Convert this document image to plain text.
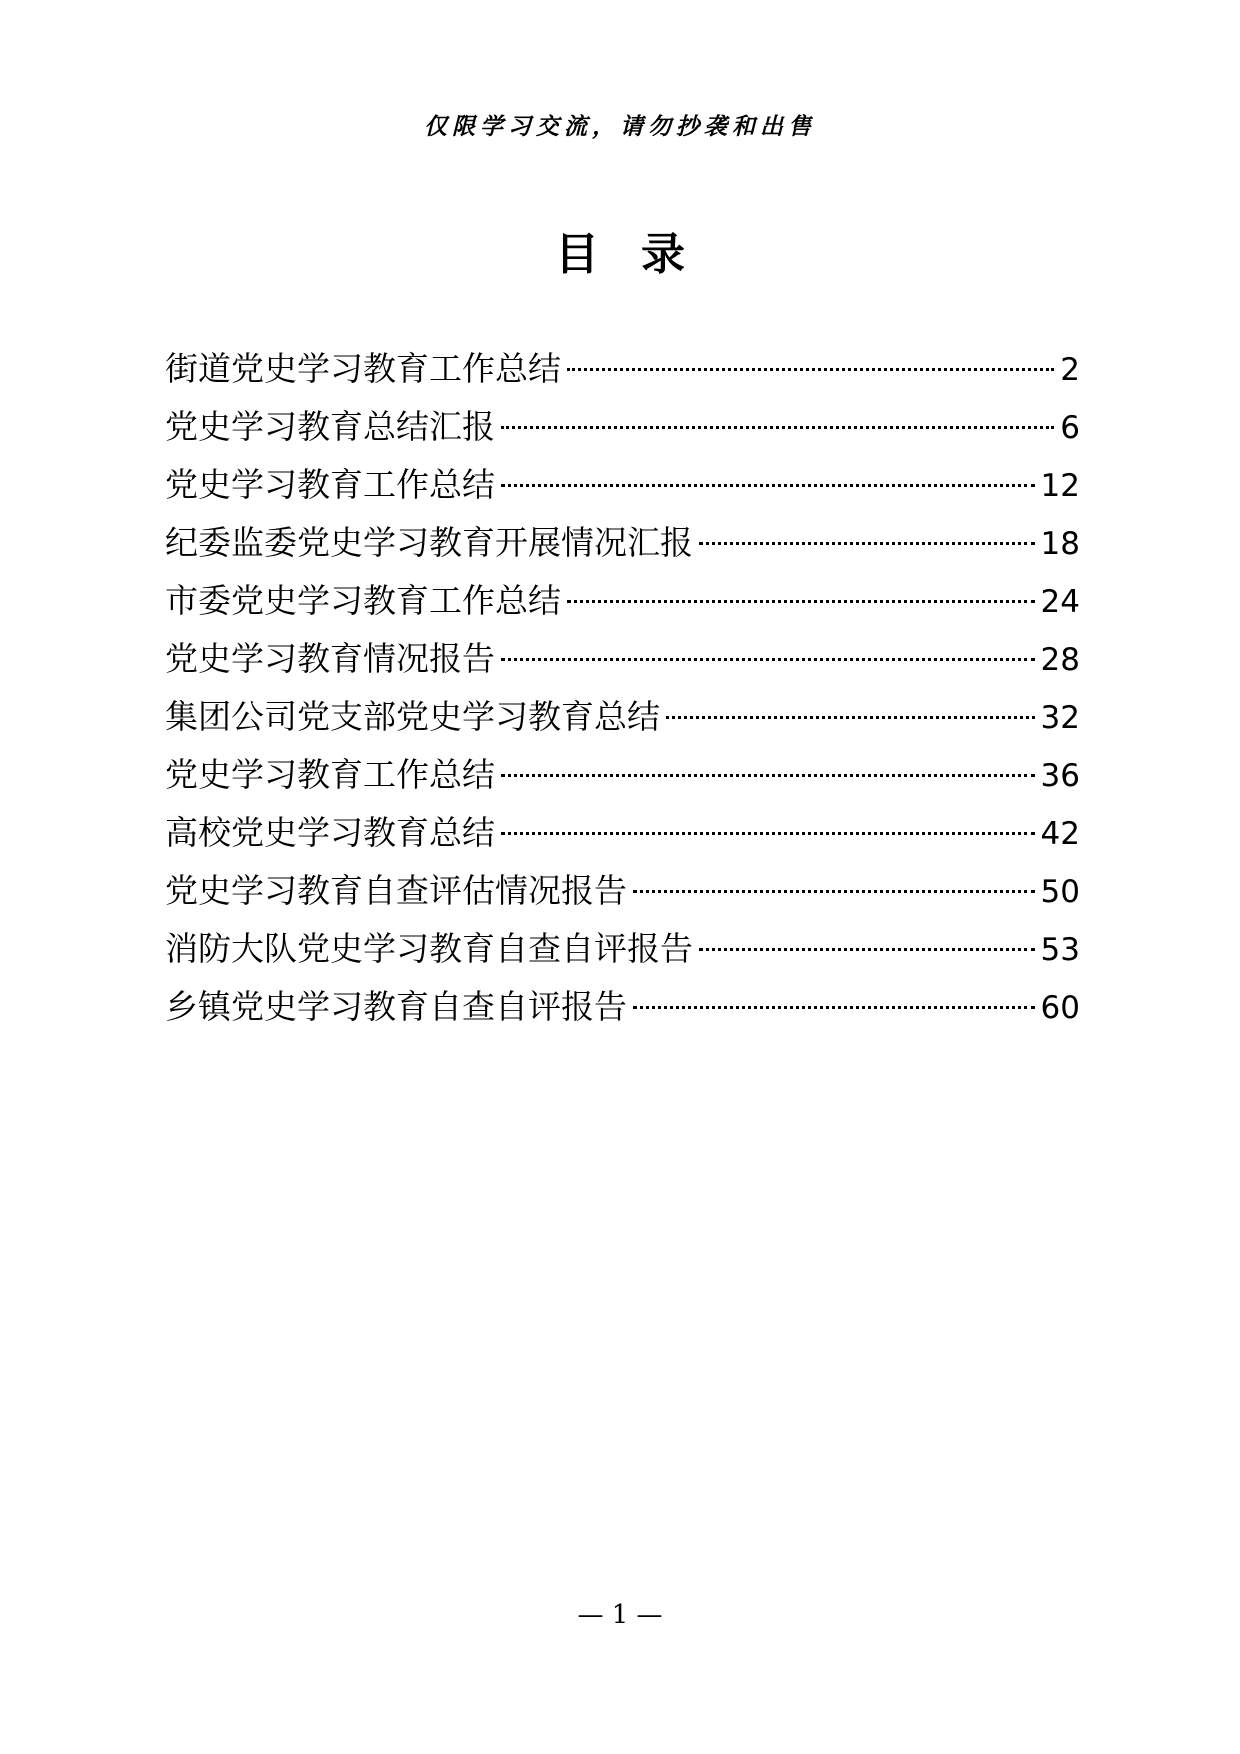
仅限学习交流，请勿抄袭和出售
目录
街道党史学习教育工作总结	2
党史学习教育总结汇报	6
党史学习教育工作总结	12
纪委监委党史学习教育开展情况汇报	18
市委党史学习教育工作总结	24
党史学习教育情况报告	28
集团公司党支部党史学习教育总结	32
党史学习教育工作总结	36
高校党史学习教育总结	42
党史学习教育自查评估情况报告	50
消防大队党史学习教育自查自评报告	53
乡镇党史学习教育自查自评报告	60
— 1 —
